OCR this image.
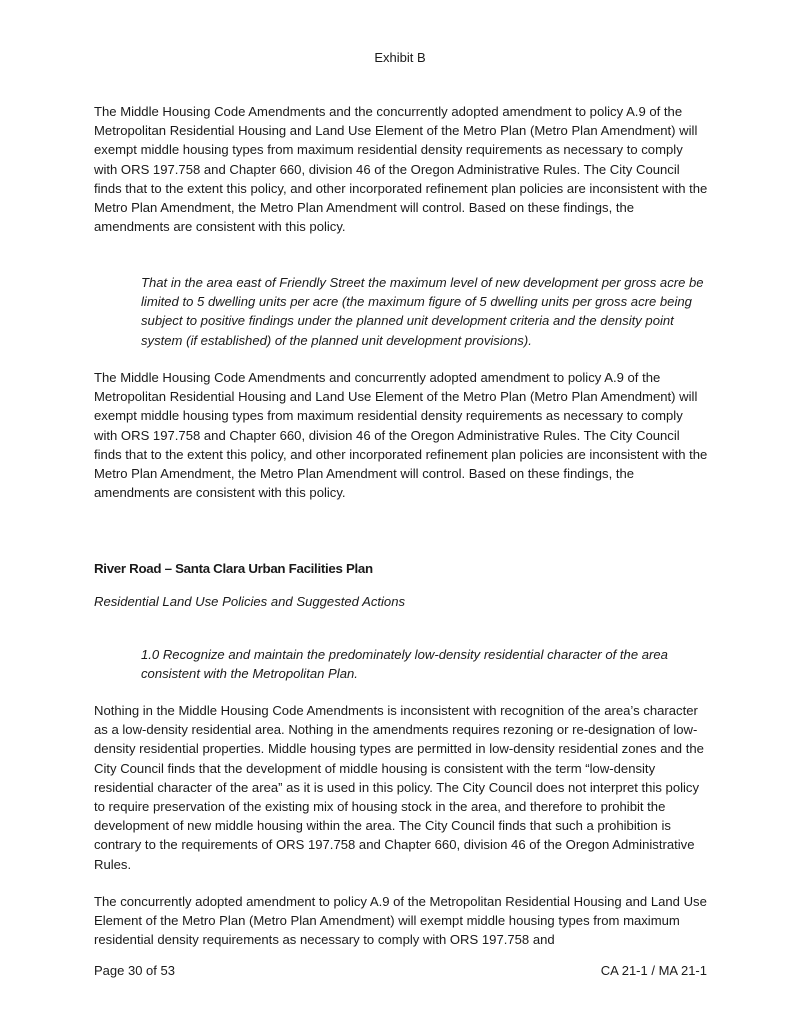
Exhibit B

The Middle Housing Code Amendments and the concurrently adopted amendment to policy A.9 of the Metropolitan Residential Housing and Land Use Element of the Metro Plan (Metro Plan Amendment) will exempt middle housing types from maximum residential density requirements as necessary to comply with ORS 197.758 and Chapter 660, division 46 of the Oregon Administrative Rules. The City Council finds that to the extent this policy, and other incorporated refinement plan policies are inconsistent with the Metro Plan Amendment, the Metro Plan Amendment will control. Based on these findings, the amendments are consistent with this policy.

That in the area east of Friendly Street the maximum level of new development per gross acre be limited to 5 dwelling units per acre (the maximum figure of 5 dwelling units per gross acre being subject to positive findings under the planned unit development criteria and the density point system (if established) of the planned unit development provisions).

The Middle Housing Code Amendments and concurrently adopted amendment to policy A.9 of the Metropolitan Residential Housing and Land Use Element of the Metro Plan (Metro Plan Amendment) will exempt middle housing types from maximum residential density requirements as necessary to comply with ORS 197.758 and Chapter 660, division 46 of the Oregon Administrative Rules. The City Council finds that to the extent this policy, and other incorporated refinement plan policies are inconsistent with the Metro Plan Amendment, the Metro Plan Amendment will control. Based on these findings, the amendments are consistent with this policy.

River Road – Santa Clara Urban Facilities Plan

Residential Land Use Policies and Suggested Actions

1.0 Recognize and maintain the predominately low-density residential character of the area consistent with the Metropolitan Plan.

Nothing in the Middle Housing Code Amendments is inconsistent with recognition of the area’s character as a low-density residential area. Nothing in the amendments requires rezoning or re-designation of low-density residential properties. Middle housing types are permitted in low-density residential zones and the City Council finds that the development of middle housing is consistent with the term “low-density residential character of the area” as it is used in this policy. The City Council does not interpret this policy to require preservation of the existing mix of housing stock in the area, and therefore to prohibit the development of new middle housing within the area. The City Council finds that such a prohibition is contrary to the requirements of ORS 197.758 and Chapter 660, division 46 of the Oregon Administrative Rules.

The concurrently adopted amendment to policy A.9 of the Metropolitan Residential Housing and Land Use Element of the Metro Plan (Metro Plan Amendment) will exempt middle housing types from maximum residential density requirements as necessary to comply with ORS 197.758 and

Page 30 of 53	CA 21-1 / MA 21-1
